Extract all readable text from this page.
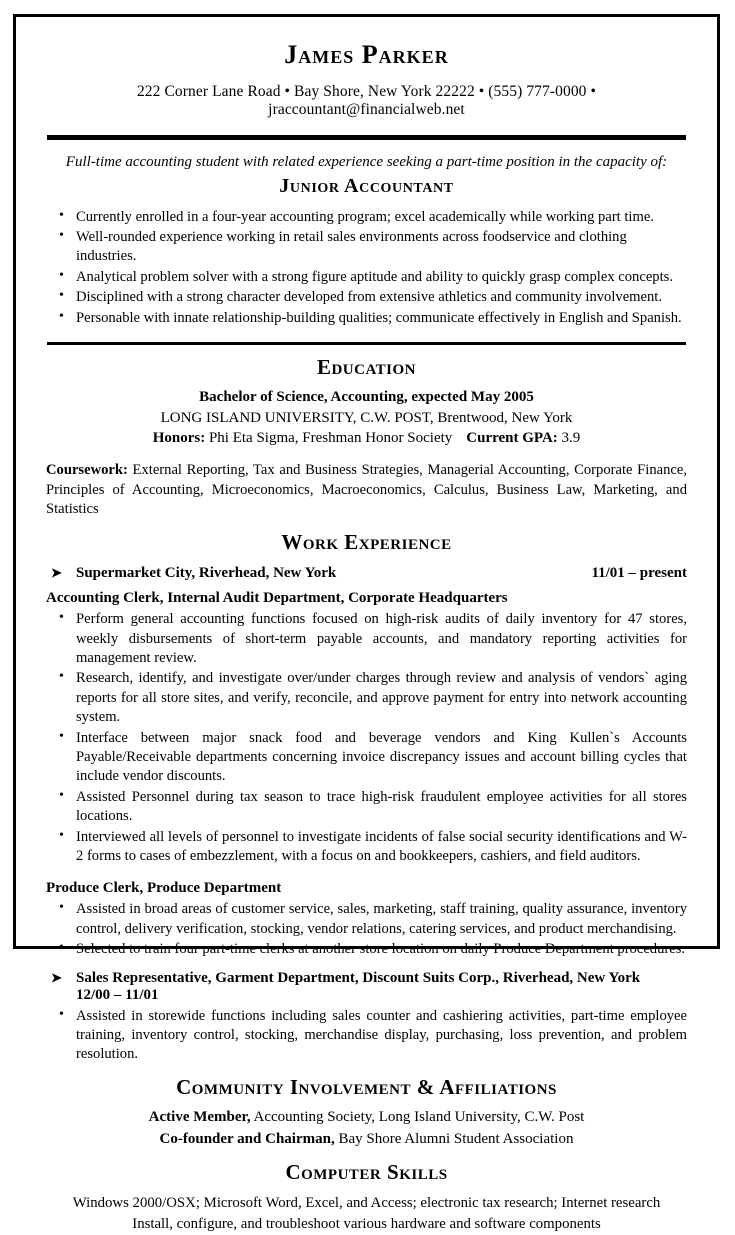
James Parker
222 Corner Lane Road • Bay Shore, New York 22222 • (555) 777-0000 • jraccountant@financialweb.net
Full-time accounting student with related experience seeking a part-time position in the capacity of:
Junior Accountant
• Currently enrolled in a four-year accounting program; excel academically while working part time.
• Well-rounded experience working in retail sales environments across foodservice and clothing industries.
• Analytical problem solver with a strong figure aptitude and ability to quickly grasp complex concepts.
• Disciplined with a strong character developed from extensive athletics and community involvement.
• Personable with innate relationship-building qualities; communicate effectively in English and Spanish.
Education
Bachelor of Science, Accounting, expected May 2005
LONG ISLAND UNIVERSITY, C.W. POST, Brentwood, New York
Honors: Phi Eta Sigma, Freshman Honor Society Current GPA: 3.9
Coursework: External Reporting, Tax and Business Strategies, Managerial Accounting, Corporate Finance, Principles of Accounting, Microeconomics, Macroeconomics, Calculus, Business Law, Marketing, and Statistics
Work Experience
➤ 11/01 – present
Supermarket City, Riverhead, New York
Accounting Clerk, Internal Audit Department, Corporate Headquarters
• Perform general accounting functions focused on high-risk audits of daily inventory for 47 stores, weekly disbursements of short-term payable accounts, and mandatory reporting activities for management review.
• Research, identify, and investigate over/under charges through review and analysis of vendors` aging reports for all store sites, and verify, reconcile, and approve payment for entry into network accounting system.
• Interface between major snack food and beverage vendors and King Kullen`s Accounts Payable/Receivable departments concerning invoice discrepancy issues and account billing cycles that include vendor discounts.
• Assisted Personnel during tax season to trace high-risk fraudulent employee activities for all stores locations.
• Interviewed all levels of personnel to investigate incidents of false social security identifications and W-2 forms to cases of embezzlement, with a focus on and bookkeepers, cashiers, and field auditors.
Produce Clerk, Produce Department
• Assisted in broad areas of customer service, sales, marketing, staff training, quality assurance, inventory control, delivery verification, stocking, vendor relations, catering services, and product merchandising.
• Selected to train four part-time clerks at another store location on daily Produce Department procedures.
➤ Sales Representative, Garment Department, Discount Suits Corp., Riverhead, New York12/00 – 11/01
• Assisted in storewide functions including sales counter and cashiering activities, part-time employee training, inventory control, stocking, merchandise display, purchasing, loss prevention, and problem resolution.
Community Involvement & Affiliations
Active Member, Accounting Society, Long Island University, C.W. Post
Co-founder and Chairman, Bay Shore Alumni Student Association
Computer Skills
Windows 2000/OSX; Microsoft Word, Excel, and Access; electronic tax research; Internet research
Install, configure, and troubleshoot various hardware and software components
